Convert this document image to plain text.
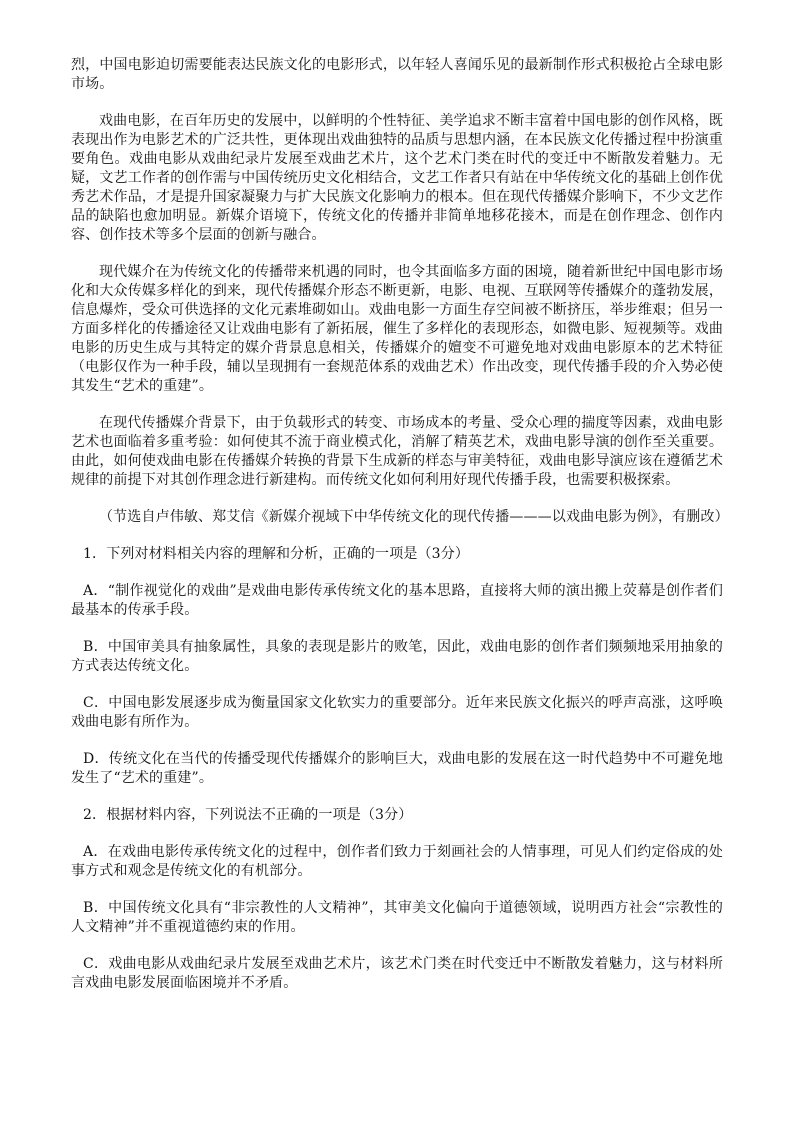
烈，中国电影迫切需要能表达民族文化的电影形式，以年轻人喜闻乐见的最新制作形式积极抢占全球电影市场。

戏曲电影，在百年历史的发展中，以鲜明的个性特征、美学追求不断丰富着中国电影的创作风格，既表现出作为电影艺术的广泛共性，更体现出戏曲独特的品质与思想内涵，在本民族文化传播过程中扮演重要角色。戏曲电影从戏曲纪录片发展至戏曲艺术片，这个艺术门类在时代的变迁中不断散发着魅力。无疑，文艺工作者的创作需与中国传统历史文化相结合，文艺工作者只有站在中华传统文化的基础上创作优秀艺术作品，才是提升国家凝聚力与扩大民族文化影响力的根本。但在现代传播媒介影响下，不少文艺作品的缺陷也愈加明显。新媒介语境下，传统文化的传播并非简单地移花接木，而是在创作理念、创作内容、创作技术等多个层面的创新与融合。

现代媒介在为传统文化的传播带来机遇的同时，也令其面临多方面的困境，随着新世纪中国电影市场化和大众传媒多样化的到来，现代传播媒介形态不断更新，电影、电视、互联网等传播媒介的蓬勃发展，信息爆炸，受众可供选择的文化元素堆砌如山。戏曲电影一方面生存空间被不断挤压，举步维艰；但另一方面多样化的传播途径又让戏曲电影有了新拓展，催生了多样化的表现形态，如微电影、短视频等。戏曲电影的历史生成与其特定的媒介背景息息相关，传播媒介的嬗变不可避免地对戏曲电影原本的艺术特征（电影仅作为一种手段，辅以呈现拥有一套规范体系的戏曲艺术）作出改变，现代传播手段的介入势必使其发生“艺术的重建”。

在现代传播媒介背景下，由于负载形式的转变、市场成本的考量、受众心理的揣度等因素，戏曲电影艺术也面临着多重考验：如何使其不流于商业模式化，消解了精英艺术，戏曲电影导演的创作至关重要。由此，如何使戏曲电影在传播媒介转换的背景下生成新的样态与审美特征，戏曲电影导演应该在遵循艺术规律的前提下对其创作理念进行新建构。而传统文化如何利用好现代传播手段，也需要积极探索。

（节选自卢伟敏、郑艾信《新媒介视域下中华传统文化的现代传播———以戏曲电影为例》，有删改）

1．下列对材料相关内容的理解和分析，正确的一项是（3分）

A．“制作视觉化的戏曲”是戏曲电影传承传统文化的基本思路，直接将大师的演出搬上荧幕是创作者们最基本的传承手段。

B．中国审美具有抽象属性，具象的表现是影片的败笔，因此，戏曲电影的创作者们频频地采用抽象的方式表达传统文化。

C．中国电影发展逐步成为衡量国家文化软实力的重要部分。近年来民族文化振兴的呼声高涨，这呼唤戏曲电影有所作为。

D．传统文化在当代的传播受现代传播媒介的影响巨大，戏曲电影的发展在这一时代趋势中不可避免地发生了“艺术的重建”。

2．根据材料内容，下列说法不正确的一项是（3分）

A．在戏曲电影传承传统文化的过程中，创作者们致力于刻画社会的人情事理，可见人们约定俗成的处事方式和观念是传统文化的有机部分。

B．中国传统文化具有“非宗教性的人文精神”，其审美文化偏向于道德领域，说明西方社会“宗教性的人文精神”并不重视道德约束的作用。

C．戏曲电影从戏曲纪录片发展至戏曲艺术片，该艺术门类在时代变迁中不断散发着魅力，这与材料所言戏曲电影发展面临困境并不矛盾。
